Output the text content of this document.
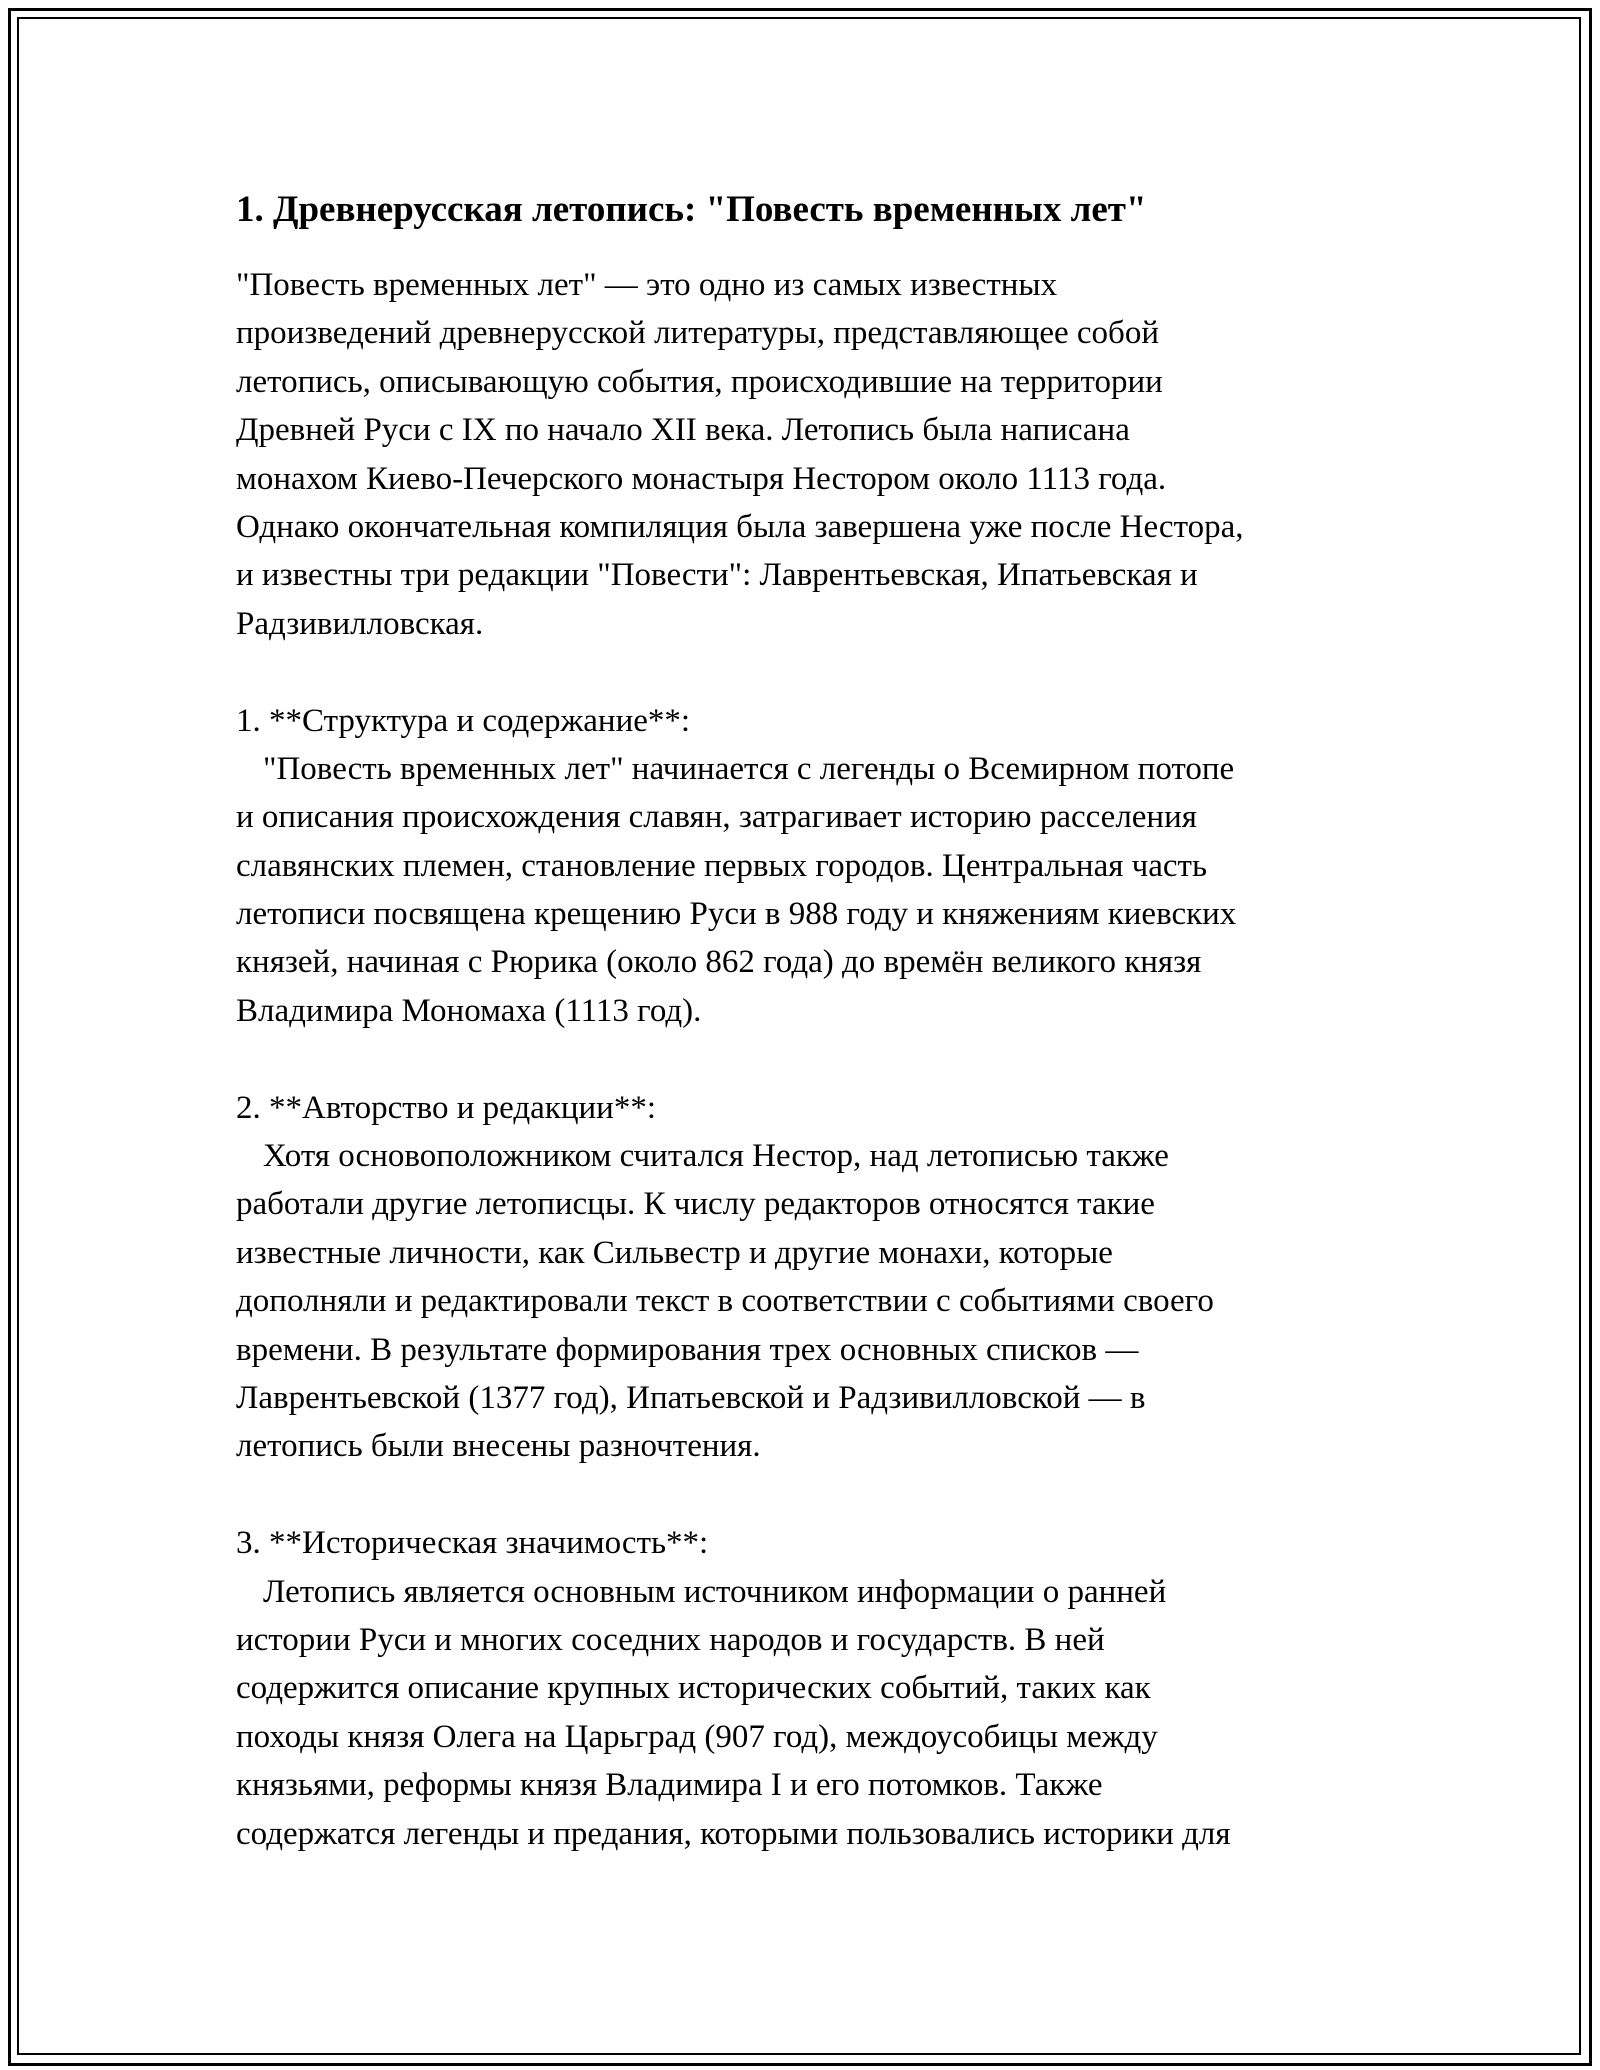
1. Древнерусская летопись: "Повесть временных лет"
"Повесть временных лет" — это одно из самых известных
произведений древнерусской литературы, представляющее собой
летопись, описывающую события, происходившие на территории
Древней Руси с IX по начало XII века. Летопись была написана
монахом Киево-Печерского монастыря Нестором около 1113 года.
Однако окончательная компиляция была завершена уже после Нестора,
и известны три редакции "Повести": Лаврентьевская, Ипатьевская и
Радзивилловская.
1. **Структура и содержание**:
"Повесть временных лет" начинается с легенды о Всемирном потопе
и описания происхождения славян, затрагивает историю расселения
славянских племен, становление первых городов. Центральная часть
летописи посвящена крещению Руси в 988 году и княжениям киевских
князей, начиная с Рюрика (около 862 года) до времён великого князя
Владимира Мономаха (1113 год).
2. **Авторство и редакции**:
Хотя основоположником считался Нестор, над летописью также
работали другие летописцы. К числу редакторов относятся такие
известные личности, как Сильвестр и другие монахи, которые
дополняли и редактировали текст в соответствии с событиями своего
времени. В результате формирования трех основных списков —
Лаврентьевской (1377 год), Ипатьевской и Радзивилловской — в
летопись были внесены разночтения.
3. **Историческая значимость**:
Летопись является основным источником информации о ранней
истории Руси и многих соседних народов и государств. В ней
содержится описание крупных исторических событий, таких как
походы князя Олега на Царьград (907 год), междоусобицы между
князьями, реформы князя Владимира I и его потомков. Также
содержатся легенды и предания, которыми пользовались историки для
